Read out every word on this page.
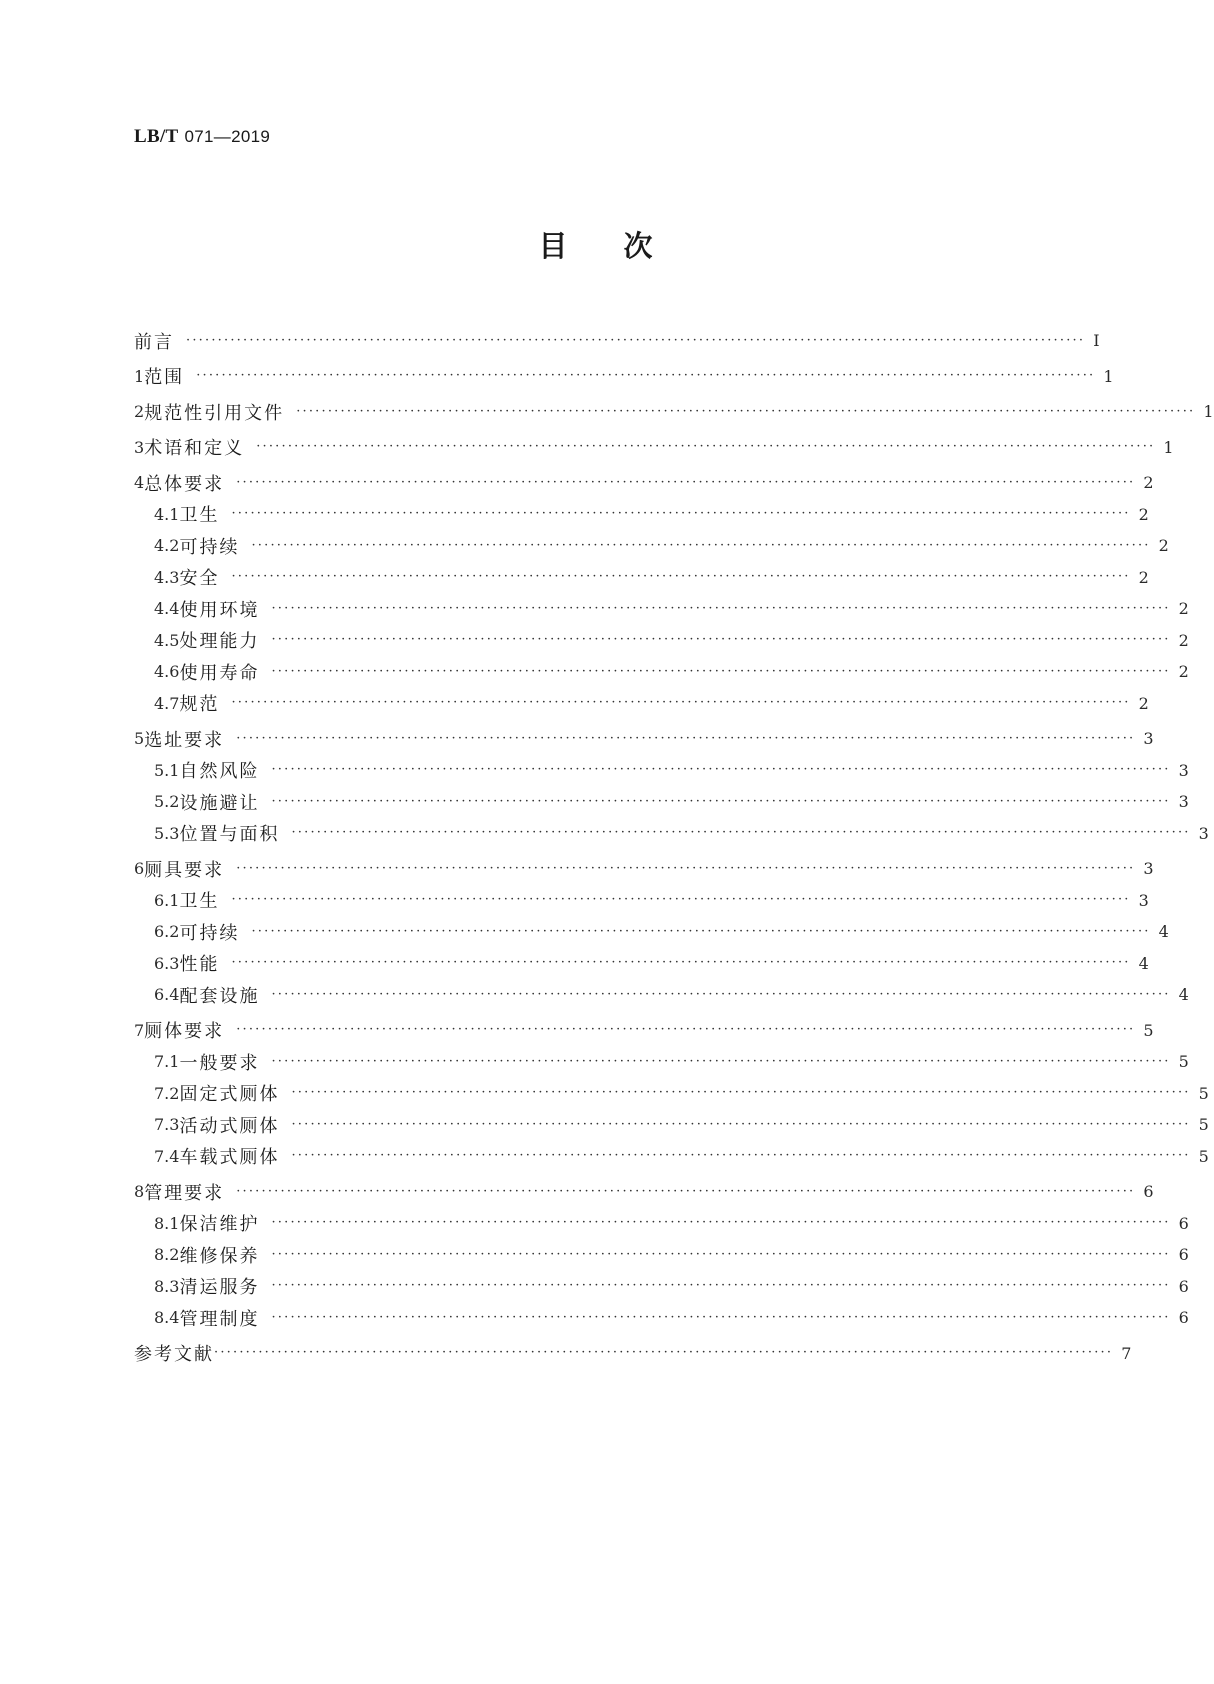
LB/T 071—2019
目次
前言 ·············································································································································· Ⅰ
1 范围 ·············································································································································· 1
2 规范性引用文件 ·············································································································································· 1
3 术语和定义 ·············································································································································· 1
4 总体要求 ·············································································································································· 2
4.1 卫生 ·············································································································································· 2
4.2 可持续 ·············································································································································· 2
4.3 安全 ·············································································································································· 2
4.4 使用环境 ·············································································································································· 2
4.5 处理能力 ·············································································································································· 2
4.6 使用寿命 ·············································································································································· 2
4.7 规范 ·············································································································································· 2
5 选址要求 ·············································································································································· 3
5.1 自然风险 ·············································································································································· 3
5.2 设施避让 ·············································································································································· 3
5.3 位置与面积 ·············································································································································· 3
6 厕具要求 ·············································································································································· 3
6.1 卫生 ·············································································································································· 3
6.2 可持续 ·············································································································································· 4
6.3 性能 ·············································································································································· 4
6.4 配套设施 ·············································································································································· 4
7 厕体要求 ·············································································································································· 5
7.1 一般要求 ·············································································································································· 5
7.2 固定式厕体 ·············································································································································· 5
7.3 活动式厕体 ·············································································································································· 5
7.4 车载式厕体 ·············································································································································· 5
8 管理要求 ·············································································································································· 6
8.1 保洁维护 ·············································································································································· 6
8.2 维修保养 ·············································································································································· 6
8.3 清运服务 ·············································································································································· 6
8.4 管理制度 ·············································································································································· 6
参考文献 ·············································································································································· 7
